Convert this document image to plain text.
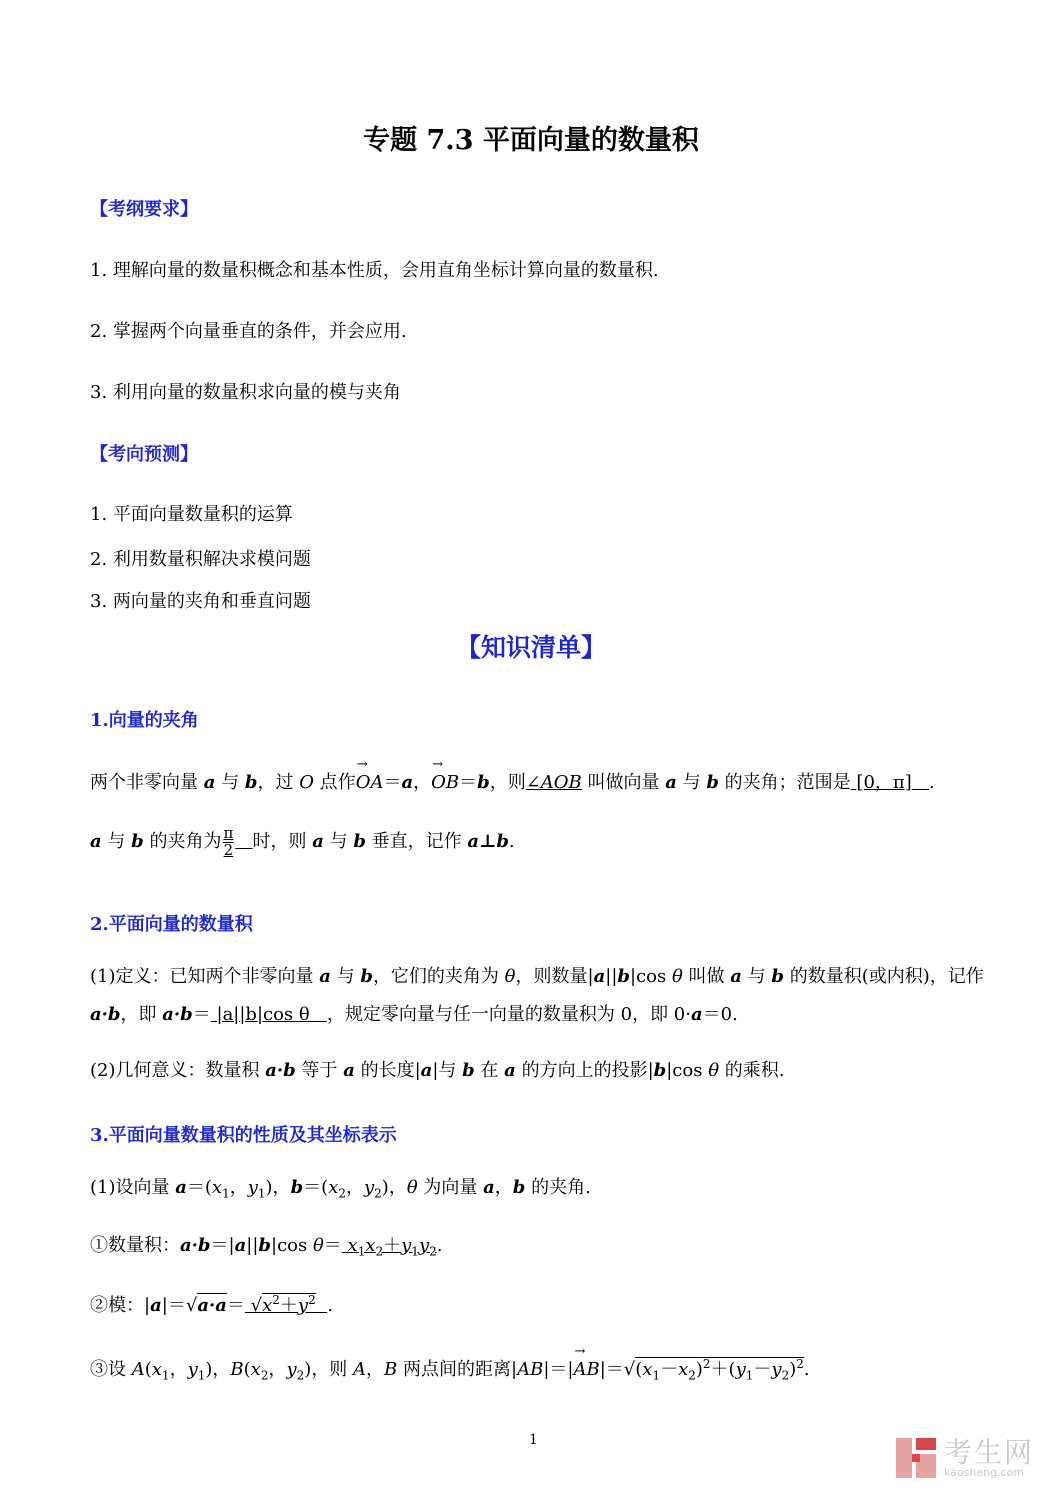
专题 7.3 平面向量的数量积
【考纲要求】
1. 理解向量的数量积概念和基本性质，会用直角坐标计算向量的数量积.
2. 掌握两个向量垂直的条件，并会应用.
3. 利用向量的数量积求向量的模与夹角
【考向预测】
1. 平面向量数量积的运算
2. 利用数量积解决求模问题
3. 两向量的夹角和垂直问题
【知识清单】
1.向量的夹角
两个非零向量 a 与 b，过 O 点作→ OA＝a，→ OB＝b，则∠AOB 叫做向量 a 与 b 的夹角；范围是 [0，π] .
a 与 b 的夹角为 $\frac{\pi}{2}$ 时，则 a 与 b 垂直，记作 a⊥b.
2.平面向量的数量积
(1)定义：已知两个非零向量 a 与 b，它们的夹角为 θ，则数量|a||b|cos θ 叫做 a 与 b 的数量积(或内积)，记作
a·b，即 a·b＝ |a||b|cos θ ，规定零向量与任一向量的数量积为 0，即 0·a＝0.
(2)几何意义：数量积 a·b 等于 a 的长度|a|与 b 在 a 的方向上的投影|b|cos θ 的乘积.
3.平面向量数量积的性质及其坐标表示
(1)设向量 $a=(x_1$，$y_1$)，$b=(x_2$，$y_2$)，θ 为向量 a，b 的夹角.
①数量积：a·b＝|a||b|cos $\theta= x_1x_2+y_1y_2$.
②模：$|a|=√a\cdot a= √x^2+y^2$ .
③设 $A(x_1$，$y_1$)，$B(x_2$，$y_2$)，则 A，B 两点间的距离$|AB|=|\to AB|=√(x_1-x_2)^2+(y_1-y_2)^2$.
1	考生网
kaosheng.com
